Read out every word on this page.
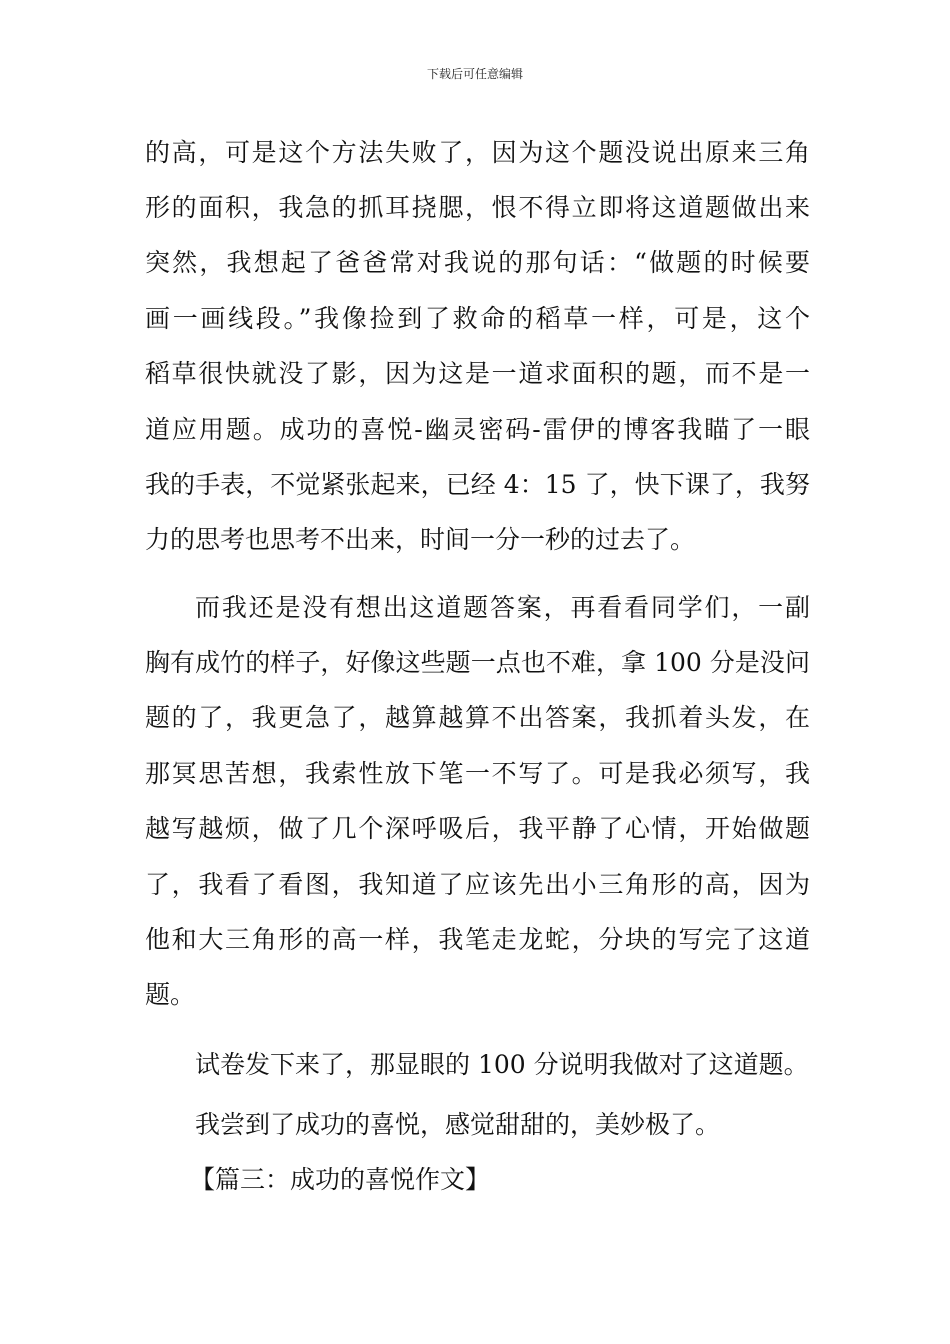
下载后可任意编辑
的高，可是这个方法失败了，因为这个题没说出原来三角
形的面积，我急的抓耳挠腮，恨不得立即将这道题做出来
突然，我想起了爸爸常对我说的那句话：“做题的时候要
画一画线段。”我像捡到了救命的稻草一样，可是，这个
稻草很快就没了影，因为这是一道求面积的题，而不是一
道应用题。成功的喜悦-幽灵密码-雷伊的博客我瞄了一眼
我的手表，不觉紧张起来，已经 4：15 了，快下课了，我努
力的思考也思考不出来，时间一分一秒的过去了。
而我还是没有想出这道题答案，再看看同学们，一副
胸有成竹的样子，好像这些题一点也不难，拿 100 分是没问
题的了，我更急了，越算越算不出答案，我抓着头发，在
那冥思苦想，我索性放下笔一不写了。可是我必须写，我
越写越烦，做了几个深呼吸后，我平静了心情，开始做题
了，我看了看图，我知道了应该先出小三角形的高，因为
他和大三角形的高一样，我笔走龙蛇，分块的写完了这道
题。
试卷发下来了，那显眼的 100 分说明我做对了这道题。
我尝到了成功的喜悦，感觉甜甜的，美妙极了。
【篇三：成功的喜悦作文】
